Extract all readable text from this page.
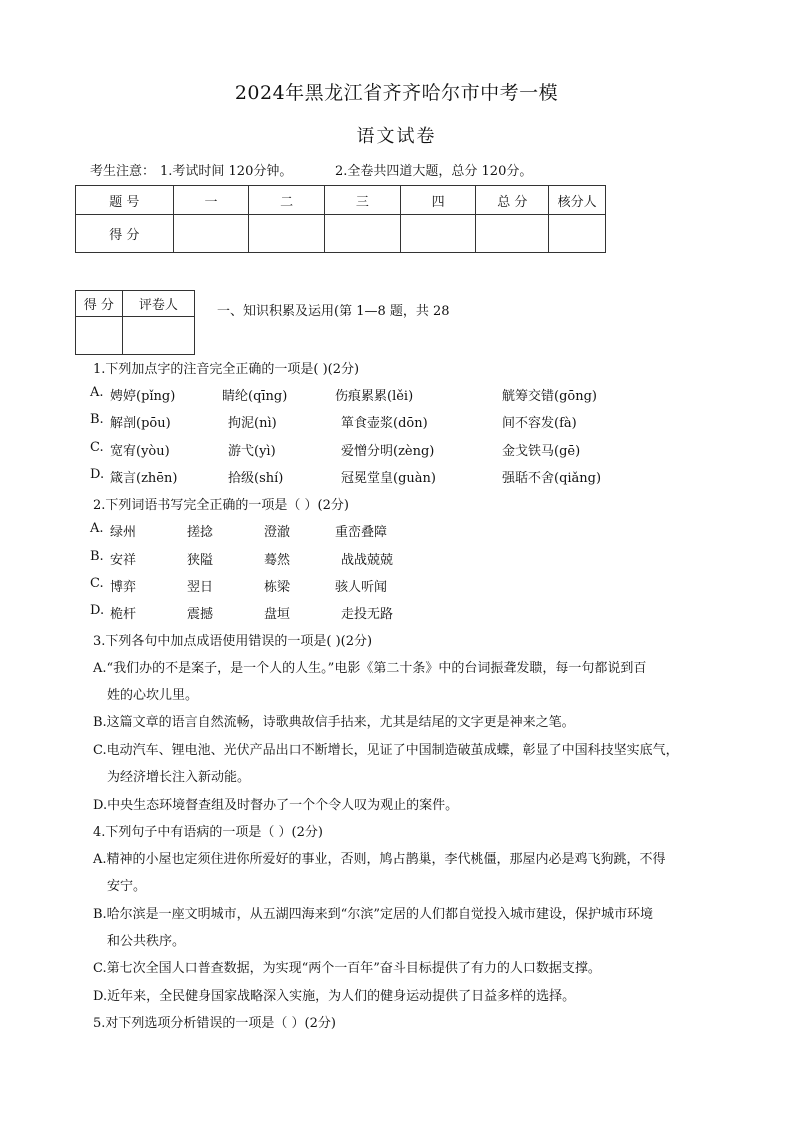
2024年黑龙江省齐齐哈尔市中考一模
语文试卷
考生注意： 1.考试时间 120分钟。	2.全卷共四道大题，总分 120分。
题 号	一	二	三	四	总 分	核分人
得 分						
得 分	评卷人
		一、知识积累及运用(第 1—8 题，共 28
1.下列加点字的注音完全正确的一项是( )(2分)
A. 娉婷(pǐng)	睛纶(qīng)	伤痕累累(lěi)	觥筹交错(gōng)
B. 解剖(pōu)	拘泥(nì)	箪食壶浆(dōn)	间不容发(fà)
C. 宽宥(yòu)	游弋(yì)	爱憎分明(zèng)	金戈铁马(gē)
D. 箴言(zhēn)	拾级(shí)	冠冕堂皇(guàn)	强聒不舍(qiǎng)
2.下列词语书写完全正确的一项是（ ）(2分)
A. 绿州	搓捻	澄澈	重峦叠障
B. 安祥	狭隘	蓦然	战战兢兢
C. 博弈	翌日	栋梁	骇人听闻
D. 桅杆	震撼	盘垣	走投无路
3.下列各句中加点成语使用错误的一项是( )(2分)
A.“我们办的不是案子，是一个人的人生。”电影《第二十条》中的台词振聋发聩，每一句都说到百
姓的心坎儿里。
B.这篇文章的语言自然流畅，诗歌典故信手拈来，尤其是结尾的文字更是神来之笔。
C.电动汽车、锂电池、光伏产品出口不断增长，见证了中国制造破茧成蝶，彰显了中国科技坚实底气，
为经济增长注入新动能。
D.中央生态环境督查组及时督办了一个个令人叹为观止的案件。
4.下列句子中有语病的一项是（ ）(2分)
A.精神的小屋也定须住进你所爱好的事业，否则，鸠占鹊巢，李代桃僵，那屋内必是鸡飞狗跳，不得
安宁。
B.哈尔滨是一座文明城市，从五湖四海来到“尔滨”定居的人们都自觉投入城市建设，保护城市环境
和公共秩序。
C.第七次全国人口普查数据，为实现“两个一百年”奋斗目标提供了有力的人口数据支撑。
D.近年来，全民健身国家战略深入实施，为人们的健身运动提供了日益多样的选择。
5.对下列选项分析错误的一项是（ ）(2分)
